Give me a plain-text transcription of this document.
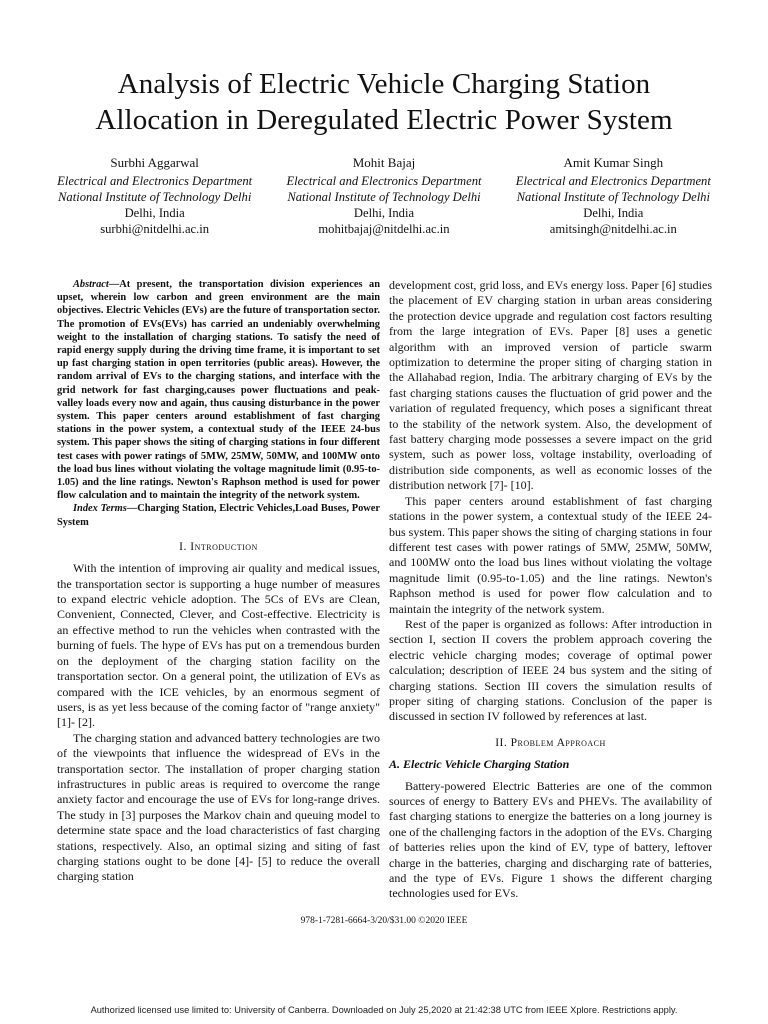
Analysis of Electric Vehicle Charging Station
Allocation in Deregulated Electric Power System
Surbhi Aggarwal
Electrical and Electronics Department
National Institute of Technology Delhi
Delhi, India
surbhi@nitdelhi.ac.in
Mohit Bajaj
Electrical and Electronics Department
National Institute of Technology Delhi
Delhi, India
mohitbajaj@nitdelhi.ac.in
Amit Kumar Singh
Electrical and Electronics Department
National Institute of Technology Delhi
Delhi, India
amitsingh@nitdelhi.ac.in

Abstract—At present, the transportation division experiences an upset, wherein low carbon and green environment are the main objectives. Electric Vehicles (EVs) are the future of transportation sector. The promotion of EVs(EVs) has carried an undeniably overwhelming weight to the installation of charging stations. To satisfy the need of rapid energy supply during the driving time frame, it is important to set up fast charging station in open territories (public areas). However, the random arrival of EVs to the charging stations, and interface with the grid network for fast charging,causes power fluctuations and peak-valley loads every now and again, thus causing disturbance in the power system. This paper centers around establishment of fast charging stations in the power system, a contextual study of the IEEE 24-bus system. This paper shows the siting of charging stations in four different test cases with power ratings of 5MW, 25MW, 50MW, and 100MW onto the load bus lines without violating the voltage magnitude limit (0.95-to-1.05) and the line ratings. Newton's Raphson method is used for power flow calculation and to maintain the integrity of the network system.

Index Terms—Charging Station, Electric Vehicles,Load Buses, Power System

I. Introduction

With the intention of improving air quality and medical issues, the transportation sector is supporting a huge number of measures to expand electric vehicle adoption. The 5Cs of EVs are Clean, Convenient, Connected, Clever, and Cost-effective. Electricity is an effective method to run the vehicles when contrasted with the burning of fuels. The hype of EVs has put on a tremendous burden on the deployment of the charging station facility on the transportation sector. On a general point, the utilization of EVs as compared with the ICE vehicles, by an enormous segment of users, is as yet less because of the coming factor of "range anxiety" [1]- [2].

The charging station and advanced battery technologies are two of the viewpoints that influence the widespread of EVs in the transportation sector. The installation of proper charging station infrastructures in public areas is required to overcome the range anxiety factor and encourage the use of EVs for long-range drives. The study in [3] purposes the Markov chain and queuing model to determine state space and the load characteristics of fast charging stations, respectively. Also, an optimal sizing and siting of fast charging stations ought to be done [4]- [5] to reduce the overall charging station

development cost, grid loss, and EVs energy loss. Paper [6] studies the placement of EV charging station in urban areas considering the protection device upgrade and regulation cost factors resulting from the large integration of EVs. Paper [8] uses a genetic algorithm with an improved version of particle swarm optimization to determine the proper siting of charging station in the Allahabad region, India. The arbitrary charging of EVs by the fast charging stations causes the fluctuation of grid power and the variation of regulated frequency, which poses a significant threat to the stability of the network system. Also, the development of fast battery charging mode possesses a severe impact on the grid system, such as power loss, voltage instability, overloading of distribution side components, as well as economic losses of the distribution network [7]- [10].

This paper centers around establishment of fast charging stations in the power system, a contextual study of the IEEE 24-bus system. This paper shows the siting of charging stations in four different test cases with power ratings of 5MW, 25MW, 50MW, and 100MW onto the load bus lines without violating the voltage magnitude limit (0.95-to-1.05) and the line ratings. Newton's Raphson method is used for power flow calculation and to maintain the integrity of the network system.

Rest of the paper is organized as follows: After introduction in section I, section II covers the problem approach covering the electric vehicle charging modes; coverage of optimal power calculation; description of IEEE 24 bus system and the siting of charging stations. Section III covers the simulation results of proper siting of charging stations. Conclusion of the paper is discussed in section IV followed by references at last.

II. Problem Approach
A. Electric Vehicle Charging Station

Battery-powered Electric Batteries are one of the common sources of energy to Battery EVs and PHEVs. The availability of fast charging stations to energize the batteries on a long journey is one of the challenging factors in the adoption of the EVs. Charging of batteries relies upon the kind of EV, type of battery, leftover charge in the batteries, charging and discharging rate of batteries, and the type of EVs. Figure 1 shows the different charging technologies used for EVs.

978-1-7281-6664-3/20/$31.00 ©2020 IEEE
Authorized licensed use limited to: University of Canberra. Downloaded on July 25,2020 at 21:42:38 UTC from IEEE Xplore. Restrictions apply.
